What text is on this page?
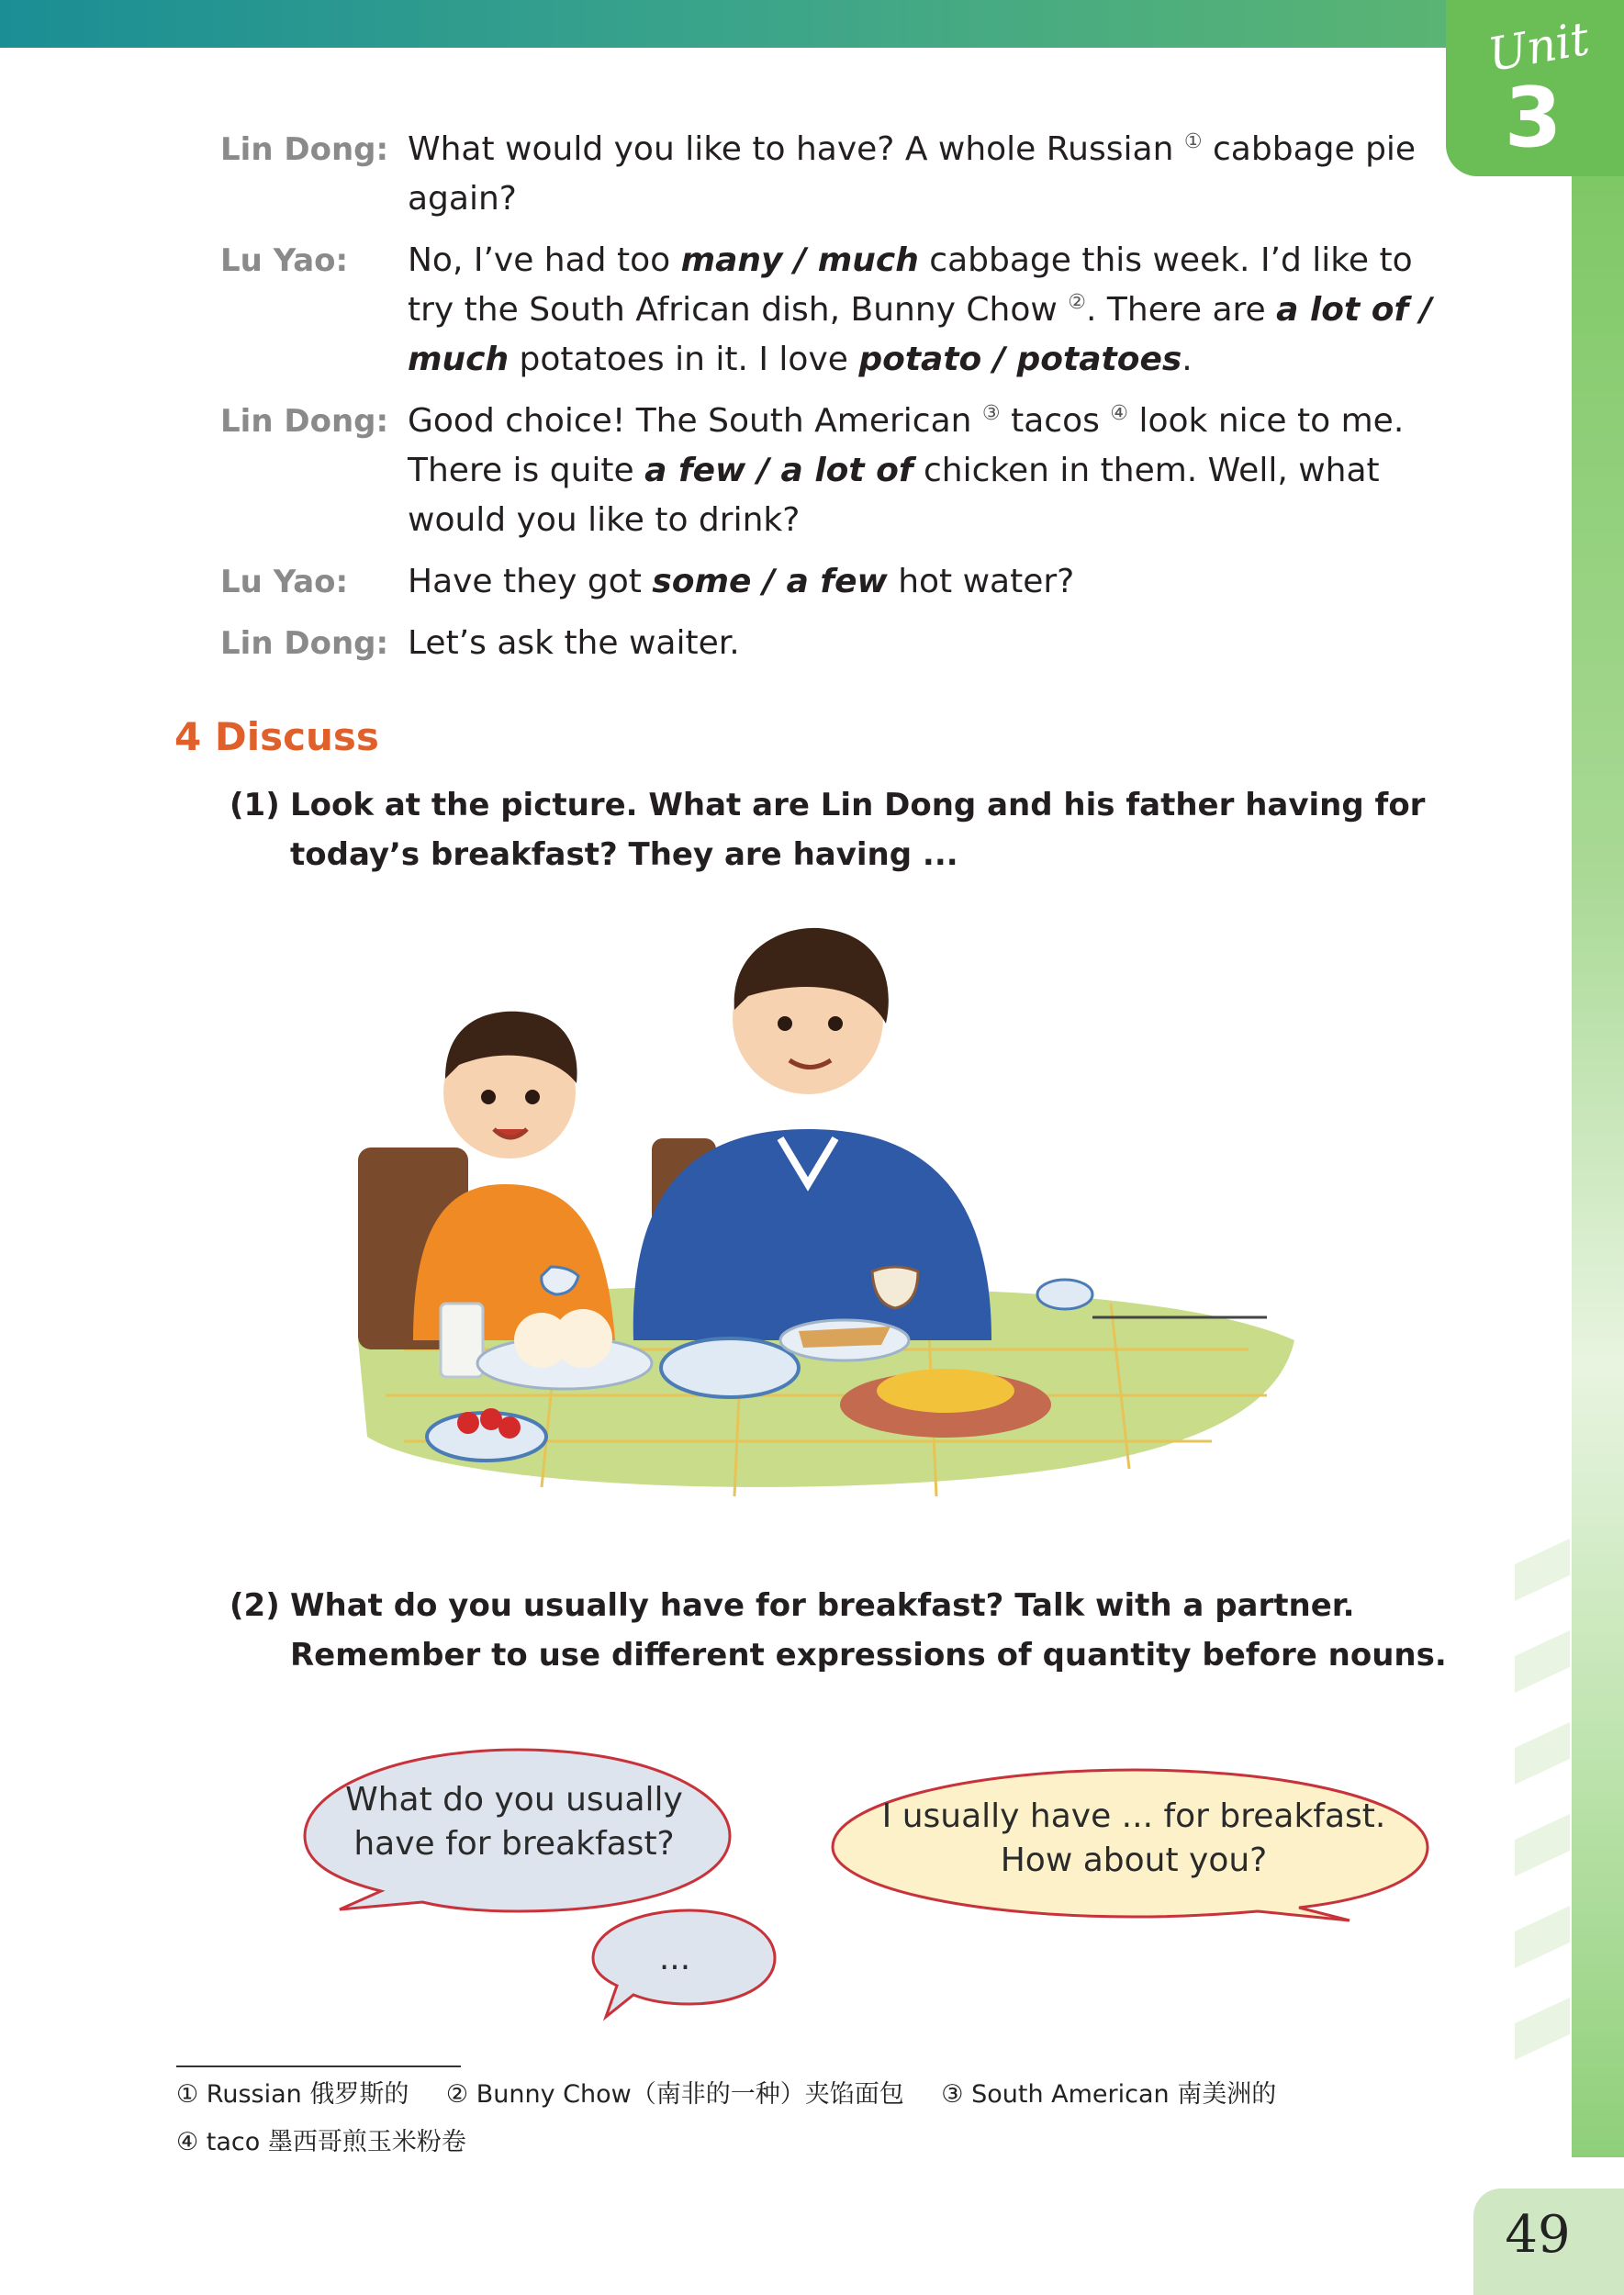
Unit
3
Lin Dong: What would you like to have? A whole Russian ① cabbage pie again?
Lu Yao:	No, I’ve had too many / much cabbage this week. I’d like to try the South African dish, Bunny Chow ②. There are a lot of / much potatoes in it. I love potato / potatoes.
Lin Dong: Good choice! The South American ③ tacos ④ look nice to me. There is quite a few / a lot of chicken in them. Well, what would you like to drink?
Lu Yao:	Have they got some / a few hot water?
Lin Dong: Let’s ask the waiter.
4 Discuss
(1) Look at the picture. What are Lin Dong and his father having for today’s breakfast? They are having ...
(2) What do you usually have for breakfast? Talk with a partner. Remember to use different expressions of quantity before nouns.
What do you usually
have for breakfast?
I usually have ... for breakfast.
How about you?
...
① Russian 俄罗斯的 ② Bunny Chow（南非的一种）夹馅面包 ③ South American 南美洲的
④ taco 墨西哥煎玉米粉卷
49
